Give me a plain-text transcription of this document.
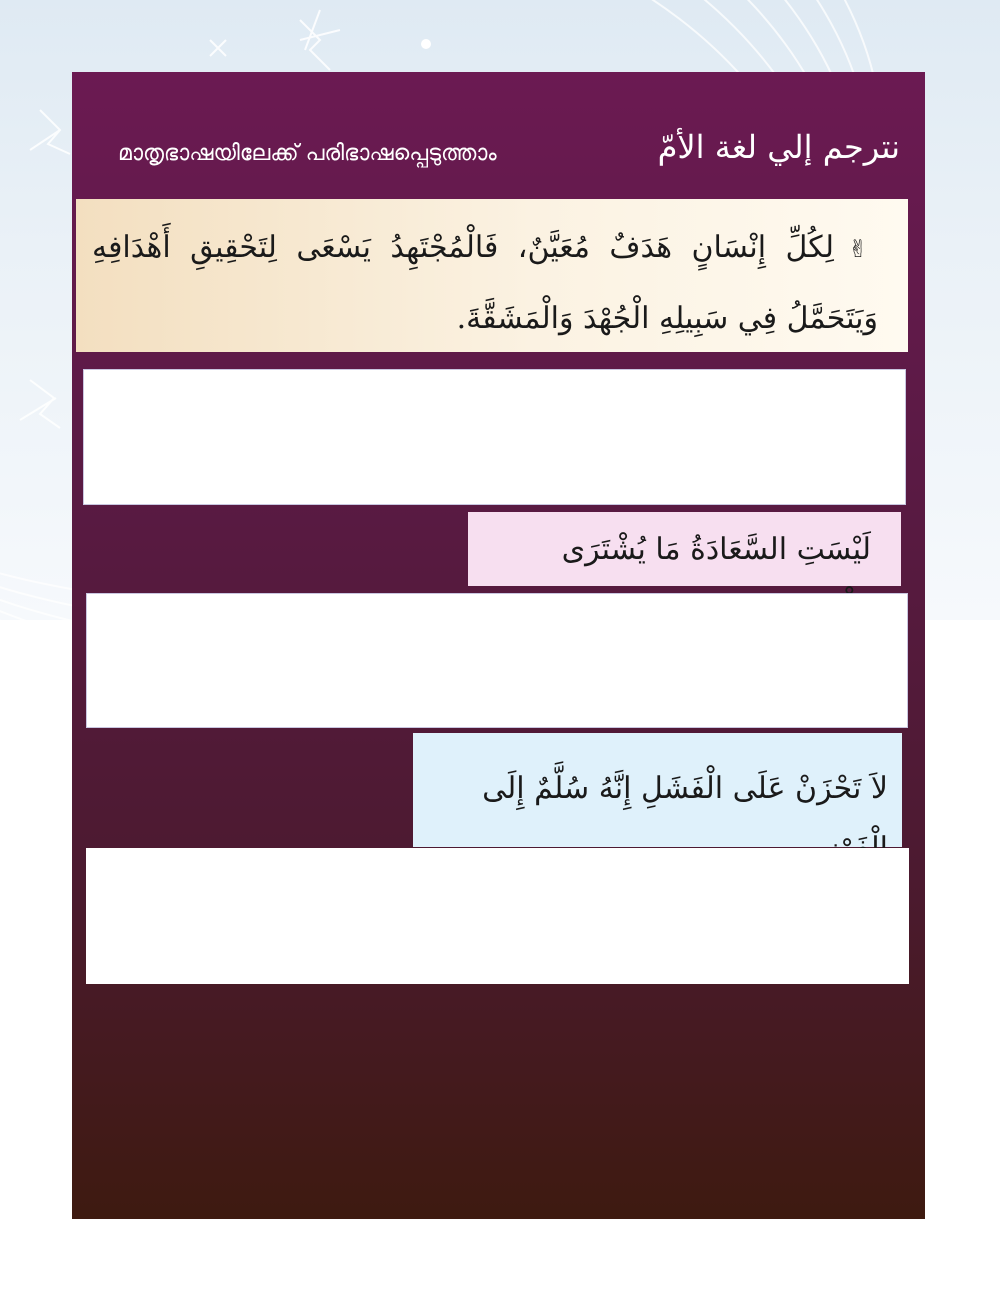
മാതൃഭാഷയിലേക്ക് പരിഭാഷപ്പെടുത്താം	نترجم إلي لغة الأمّ
✌لِكُلِّ إِنْسَانٍ هَدَفٌ مُعَيَّنٌ، فَالْمُجْتَهِدُ يَسْعَى لِتَحْقِيقِ أَهْدَافِهِ وَيَتَحَمَّلُ فِي سَبِيلِهِ الْجُهْدَ وَالْمَشَقَّةَ.
لَيْسَتِ السَّعَادَةُ مَا يُشْتَرَى
لاَ تَحْزَنْ عَلَى الْفَشَلِ إِنَّهُ سُلَّمٌ إِلَى
